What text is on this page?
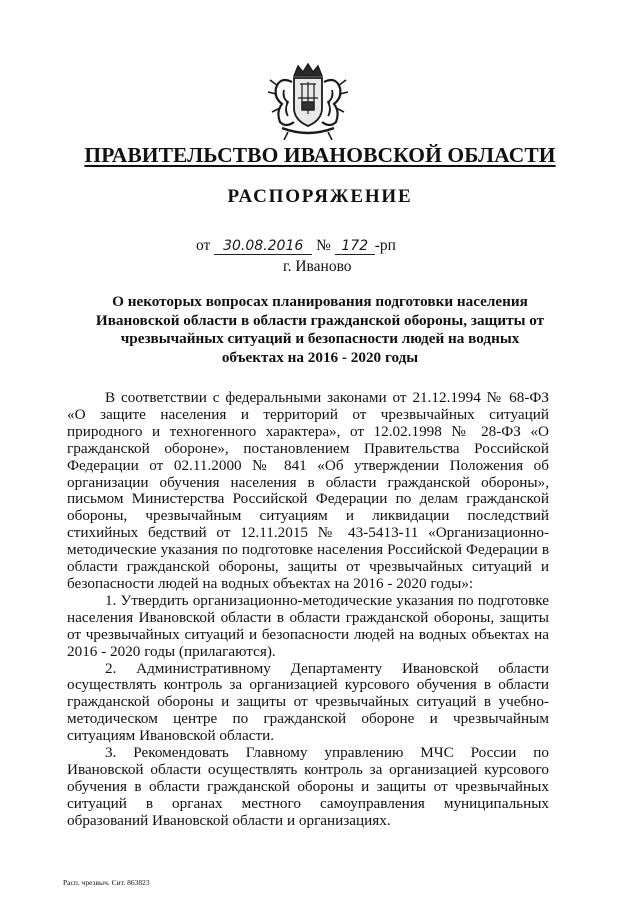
ПРАВИТЕЛЬСТВО ИВАНОВСКОЙ ОБЛАСТИ
РАСПОРЯЖЕНИЕ
от 30.08.2016 № 172 -рп
г. Иваново
О некоторых вопросах планирования подготовки населения Ивановской области в области гражданской обороны, защиты от чрезвычайных ситуаций и безопасности людей на водных объектах на 2016 - 2020 годы

В соответствии с федеральными законами от 21.12.1994 № 68-ФЗ «О защите населения и территорий от чрезвычайных ситуаций природного и техногенного характера», от 12.02.1998 № 28-ФЗ «О гражданской обороне», постановлением Правительства Российской Федерации от 02.11.2000 № 841 «Об утверждении Положения об организации обучения населения в области гражданской обороны», письмом Министерства Российской Федерации по делам гражданской обороны, чрезвычайным ситуациям и ликвидации последствий стихийных бедствий от 12.11.2015 № 43-5413-11 «Организационно-методические указания по подготовке населения Российской Федерации в области гражданской обороны, защиты от чрезвычайных ситуаций и безопасности людей на водных объектах на 2016 - 2020 годы»:

1. Утвердить организационно-методические указания по подготовке населения Ивановской области в области гражданской обороны, защиты от чрезвычайных ситуаций и безопасности людей на водных объектах на 2016 - 2020 годы (прилагаются).

2. Административному Департаменту Ивановской области осуществлять контроль за организацией курсового обучения в области гражданской обороны и защиты от чрезвычайных ситуаций в учебно-методическом центре по гражданской обороне и чрезвычайным ситуациям Ивановской области.

3. Рекомендовать Главному управлению МЧС России по Ивановской области осуществлять контроль за организацией курсового обучения в области гражданской обороны и защиты от чрезвычайных ситуаций в органах местного самоуправления муниципальных образований Ивановской области и организациях.

Расп. чрезвыч. Сит. 863823
